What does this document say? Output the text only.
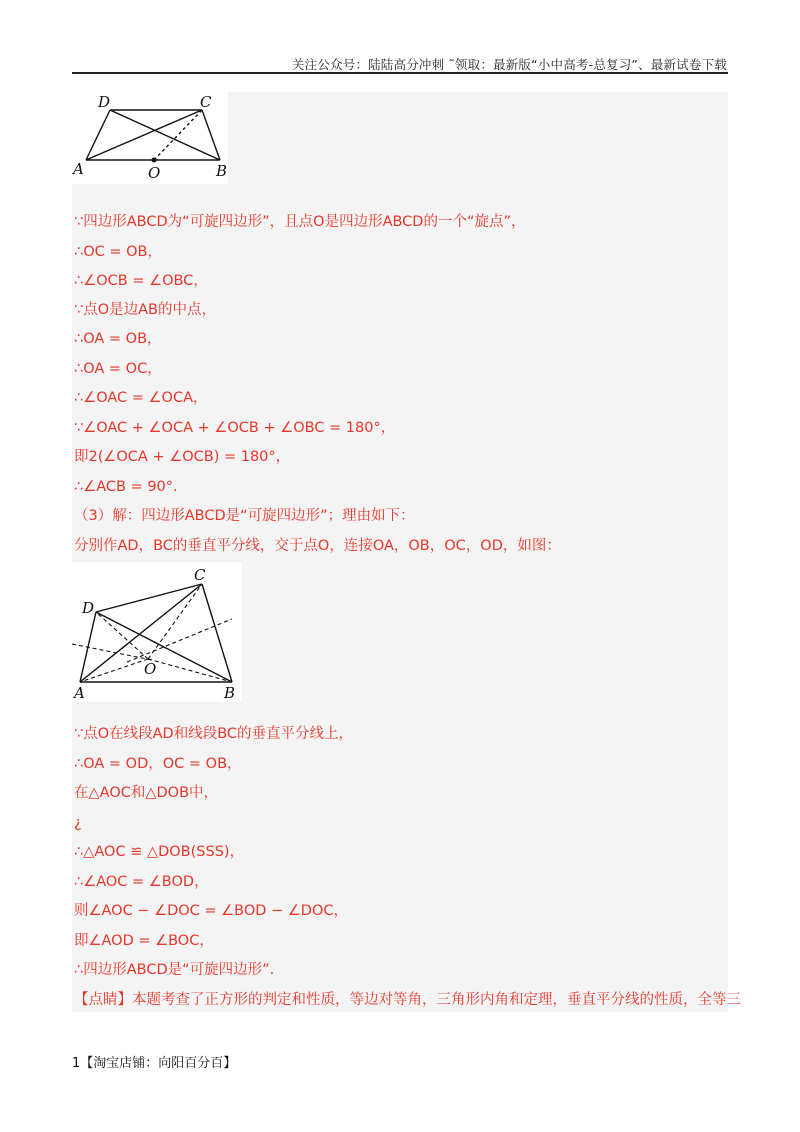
关注公众号：陆陆高分冲刺 ˜领取：最新版“小中高考-总复习”、最新试卷下载
D	C
A	O	B
C
D
O
A	B
∵四边形ABCD为“可旋四边形”，且点O是四边形ABCD的一个“旋点”，
∴OC = OB，
∴∠OCB = ∠OBC，
∵点O是边AB的中点，
∴OA = OB，
∴OA = OC，
∴∠OAC = ∠OCA，
∵∠OAC + ∠OCA + ∠OCB + ∠OBC = 180°，
即2(∠OCA + ∠OCB) = 180°，
∴∠ACB = 90°.
（3）解：四边形ABCD是“可旋四边形”；理由如下：
分别作AD，BC的垂直平分线，交于点O，连接OA，OB，OC，OD，如图：
∵点O在线段AD和线段BC的垂直平分线上，
∴OA = OD，OC = OB，
在△AOC和△DOB中，
¿
∴△AOC ≌ △DOB(SSS)，
∴∠AOC = ∠BOD，
则∠AOC − ∠DOC = ∠BOD − ∠DOC，
即∠AOD = ∠BOC，
∴四边形ABCD是“可旋四边形”.
【点睛】本题考查了正方形的判定和性质，等边对等角，三角形内角和定理，垂直平分线的性质，全等三
1【淘宝店铺：向阳百分百】
